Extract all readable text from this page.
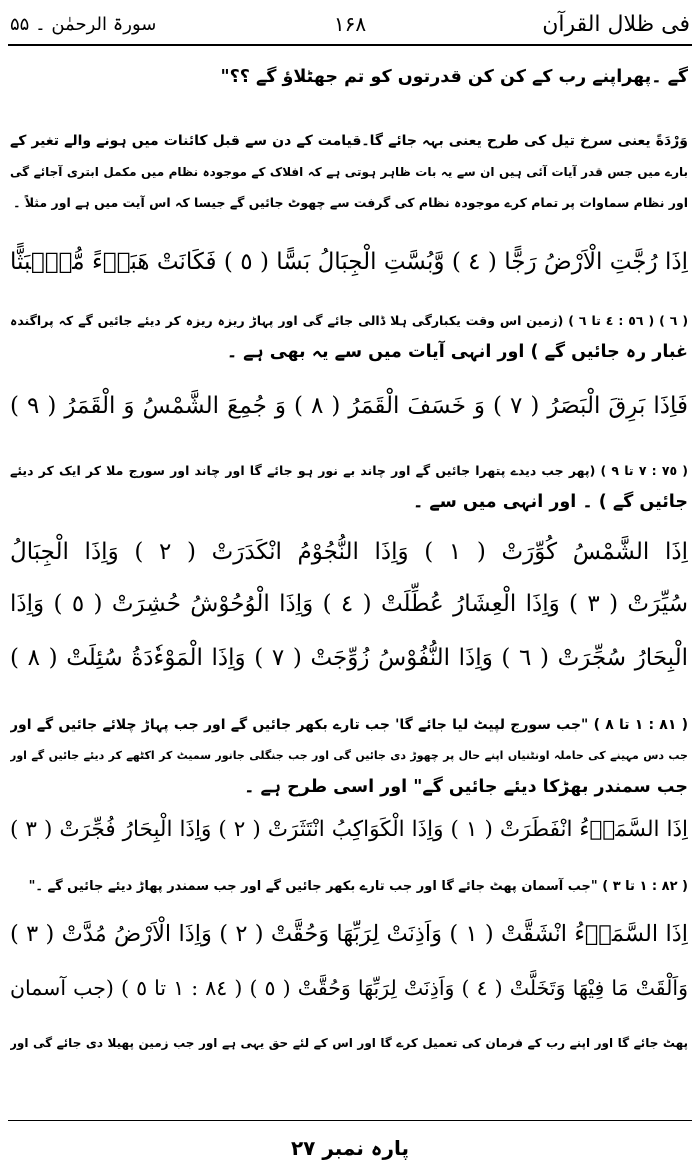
فی ظلال القرآن
۱۶۸
سورۃ الرحمٰن ۔ ۵۵
گے ۔پھراپنے رب کے کن کن قدرتوں کو تم جھٹلاؤ گے ؟؟"
وَرْدَةً یعنی سرخ تیل کی طرح یعنی بہہ جائے گا۔قیامت کے دن سے قبل کائنات میں ہونے والے تغیر کے
بارے میں جس قدر آیات آئی ہیں ان سے یہ بات ظاہر ہوتی ہے کہ افلاک کے موجودہ نظام میں مکمل ابتری آجائے گی
اور نظام سماوات پر تمام کرے موجودہ نظام کی گرفت سے چھوٹ جائیں گے جیسا کہ اس آیت میں ہے اور مثلاً ۔
اِذَا رُجَّتِ الْاَرْضُ رَجًّا ( ٤ ) وَّبُسَّتِ الْجِبَالُ بَسًّا ( ٥ ) فَكَانَتْ هَبَاۤءً مُّنْۢبَثًّا
( ٦ ) ( ٥٦ : ٤ تا ٦ ) (زمین اس وقت یکبارگی ہلا ڈالی جائے گی اور پہاڑ ریزہ ریزہ کر دیئے جائیں گے کہ پراگندہ
غبار رہ جائیں گے ) اور انہی آیات میں سے یہ بھی ہے ۔
فَاِذَا بَرِقَ الْبَصَرُ ( ٧ ) وَ خَسَفَ الْقَمَرُ ( ٨ ) وَ جُمِعَ الشَّمْسُ وَ الْقَمَرُ ( ٩ )
( ٧٥ : ٧ تا ٩ ) (پھر جب دیدے پتھرا جائیں گے اور چاند بے نور ہو جائے گا اور چاند اور سورج ملا کر ایک کر دیئے
جائیں گے ) ۔ اور انہی میں سے ۔
اِذَا الشَّمْسُ كُوِّرَتْ ( ١ ) وَاِذَا النُّجُوْمُ انْكَدَرَتْ ( ٢ ) وَاِذَا الْجِبَالُ
سُيِّرَتْ ( ٣ ) وَاِذَا الْعِشَارُ عُطِّلَتْ ( ٤ ) وَاِذَا الْوُحُوْشُ حُشِرَتْ ( ٥ ) وَاِذَا
الْبِحَارُ سُجِّرَتْ ( ٦ ) وَاِذَا النُّفُوْسُ زُوِّجَتْ ( ٧ ) وَاِذَا الْمَوْءٗدَةُ سُئِلَتْ ( ٨ )
( ٨١ : ١ تا ٨ ) "جب سورج لپیٹ لیا جائے گا' جب تارے بکھر جائیں گے اور جب پہاڑ چلائے جائیں گے اور
جب دس مہینے کی حاملہ اونٹنیاں اپنے حال پر چھوڑ دی جائیں گی اور جب جنگلی جانور سمیٹ کر اکٹھے کر دیئے جائیں گے اور
جب سمندر بھڑکا دیئے جائیں گے" اور اسی طرح ہے ۔
اِذَا السَّمَاۤءُ انْفَطَرَتْ ( ١ ) وَاِذَا الْكَوَاكِبُ انْتَثَرَتْ ( ٢ ) وَاِذَا الْبِحَارُ فُجِّرَتْ ( ٣ )
( ٨٢ : ١ تا ٣ ) "جب آسمان پھٹ جائے گا اور جب تارے بکھر جائیں گے اور جب سمندر پھاڑ دیئے جائیں گے ۔"
اِذَا السَّمَاۤءُ انْشَقَّتْ ( ١ ) وَاَذِنَتْ لِرَبِّهَا وَحُقَّتْ ( ٢ ) وَاِذَا الْاَرْضُ مُدَّتْ ( ٣ )
وَاَلْقَتْ مَا فِيْهَا وَتَخَلَّتْ ( ٤ ) وَاَذِنَتْ لِرَبِّهَا وَحُقَّتْ ( ٥ ) ( ٨٤ : ١ تا ٥ ) (جب آسمان
پھٹ جائے گا اور اپنے رب کے فرمان کی تعمیل کرے گا اور اس کے لئے حق یہی ہے اور جب زمین پھیلا دی جائے گی اور
پارہ نمبر ۲۷
